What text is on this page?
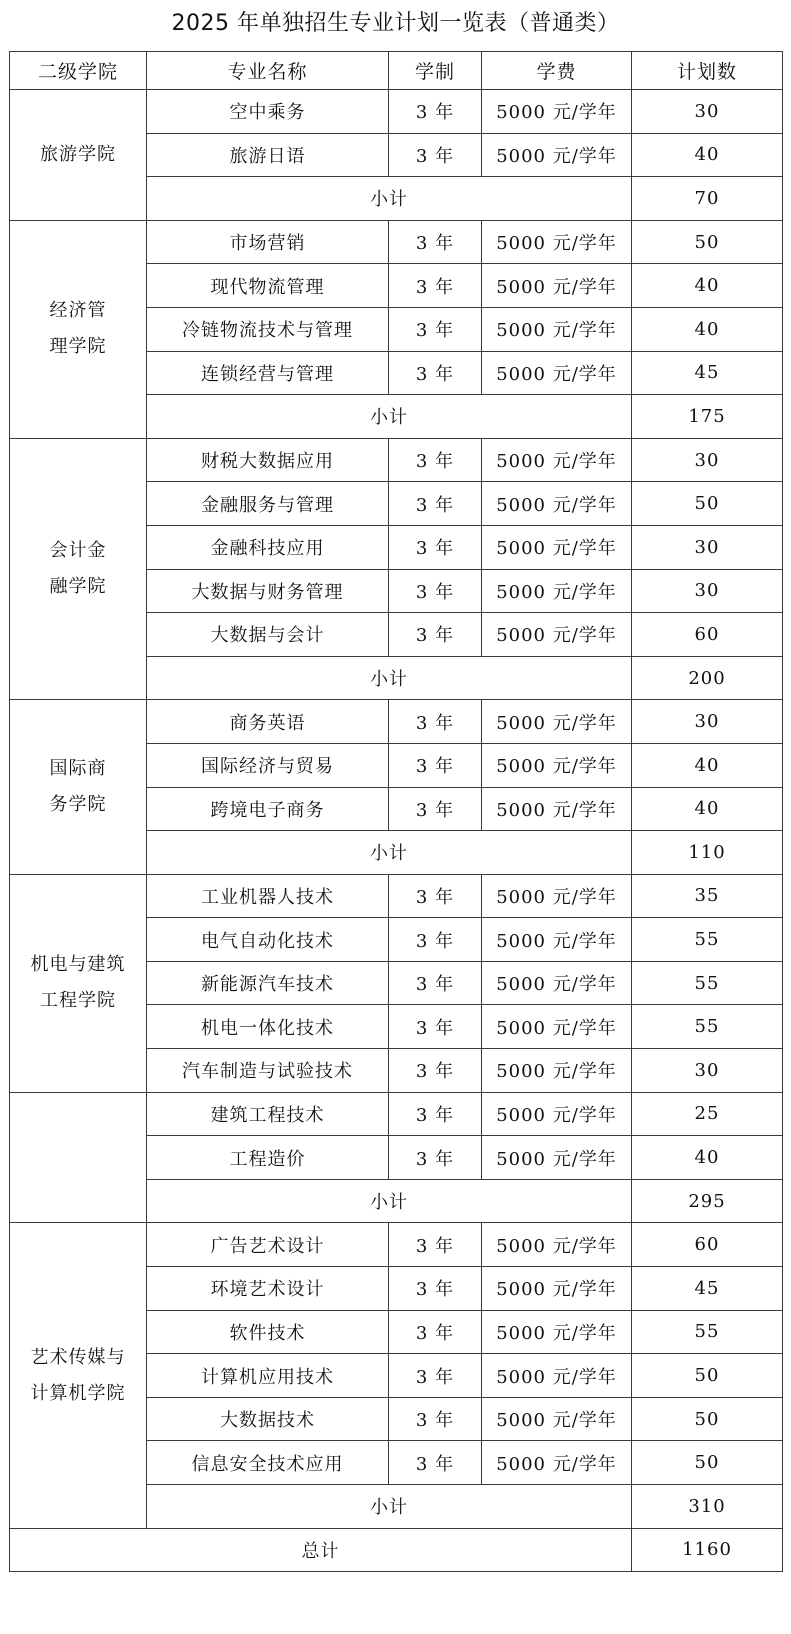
2025 年单独招生专业计划一览表（普通类）
二级学院	专业名称	学制	学费	计划数

旅游学院	空中乘务	3 年	5000 元/学年	30
	旅游日语	3 年	5000 元/学年	40
	小计			70

经济管
理学院	市场营销	3 年	5000 元/学年	50
	现代物流管理	3 年	5000 元/学年	40
	冷链物流技术与管理	3 年	5000 元/学年	40
	连锁经营与管理	3 年	5000 元/学年	45
	小计			175

会计金
融学院	财税大数据应用	3 年	5000 元/学年	30
	金融服务与管理	3 年	5000 元/学年	50
	金融科技应用	3 年	5000 元/学年	30
	大数据与财务管理	3 年	5000 元/学年	30
	大数据与会计	3 年	5000 元/学年	60
	小计			200

国际商
务学院	商务英语	3 年	5000 元/学年	30
	国际经济与贸易	3 年	5000 元/学年	40
	跨境电子商务	3 年	5000 元/学年	40
	小计			110

机电与建筑
工程学院	工业机器人技术	3 年	5000 元/学年	35
	电气自动化技术	3 年	5000 元/学年	55
	新能源汽车技术	3 年	5000 元/学年	55
	机电一体化技术	3 年	5000 元/学年	55
	汽车制造与试验技术	3 年	5000 元/学年	30
	建筑工程技术	3 年	5000 元/学年	25
	工程造价	3 年	5000 元/学年	40
	小计			295

艺术传媒与
计算机学院	广告艺术设计	3 年	5000 元/学年	60
	环境艺术设计	3 年	5000 元/学年	45
	软件技术	3 年	5000 元/学年	55
	计算机应用技术	3 年	5000 元/学年	50
	大数据技术	3 年	5000 元/学年	50
	信息安全技术应用	3 年	5000 元/学年	50
	小计			310
总计				1160
